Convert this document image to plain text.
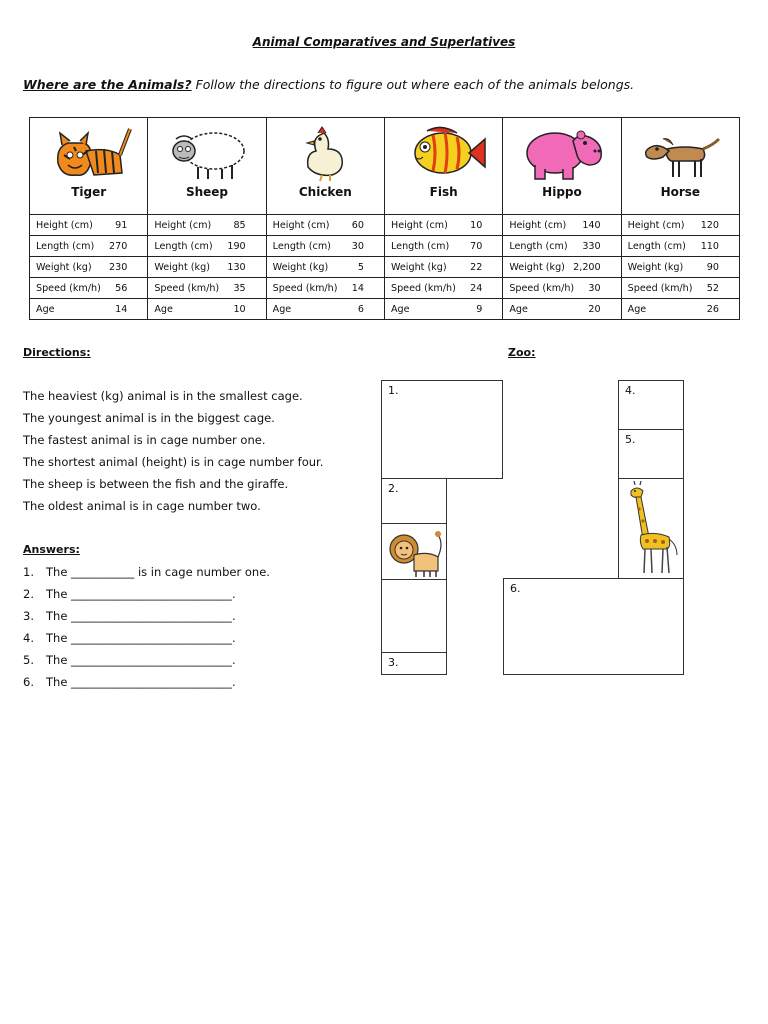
Animal Comparatives and Superlatives
Where are the Animals? Follow the directions to figure out where each of the animals belongs.
Tiger	Sheep	Chicken	Fish	Hippo	Horse

Height (cm) 91	Height (cm) 85	Height (cm) 60	Height (cm) 10	Height (cm) 140	Height (cm) 120

Length (cm) 270	Length (cm) 190	Length (cm) 30	Length (cm) 70	Length (cm) 330	Length (cm) 110

Weight (kg) 230	Weight (kg) 130	Weight (kg) 5	Weight (kg) 22	Weight (kg) 2,200	Weight (kg) 90

Speed (km/h) 56	Speed (km/h) 35	Speed (km/h) 14	Speed (km/h) 24	Speed (km/h) 30	Speed (km/h) 52

Age 14	Age 10	Age 6	Age 9	Age 20	Age 26
Directions:
The heaviest (kg) animal is in the smallest cage.
The youngest animal is in the biggest cage.
The fastest animal is in cage number one.
The shortest animal (height) is in cage number four.
The sheep is between the fish and the giraffe.
The oldest animal is in cage number two.
Answers:
1. The ___________ is in cage number one.
2. The ____________________________.
3. The ____________________________.
4. The ____________________________.
5. The ____________________________.
6. The ____________________________.
Zoo:
1.
2.
3.
4.
5.
6.
